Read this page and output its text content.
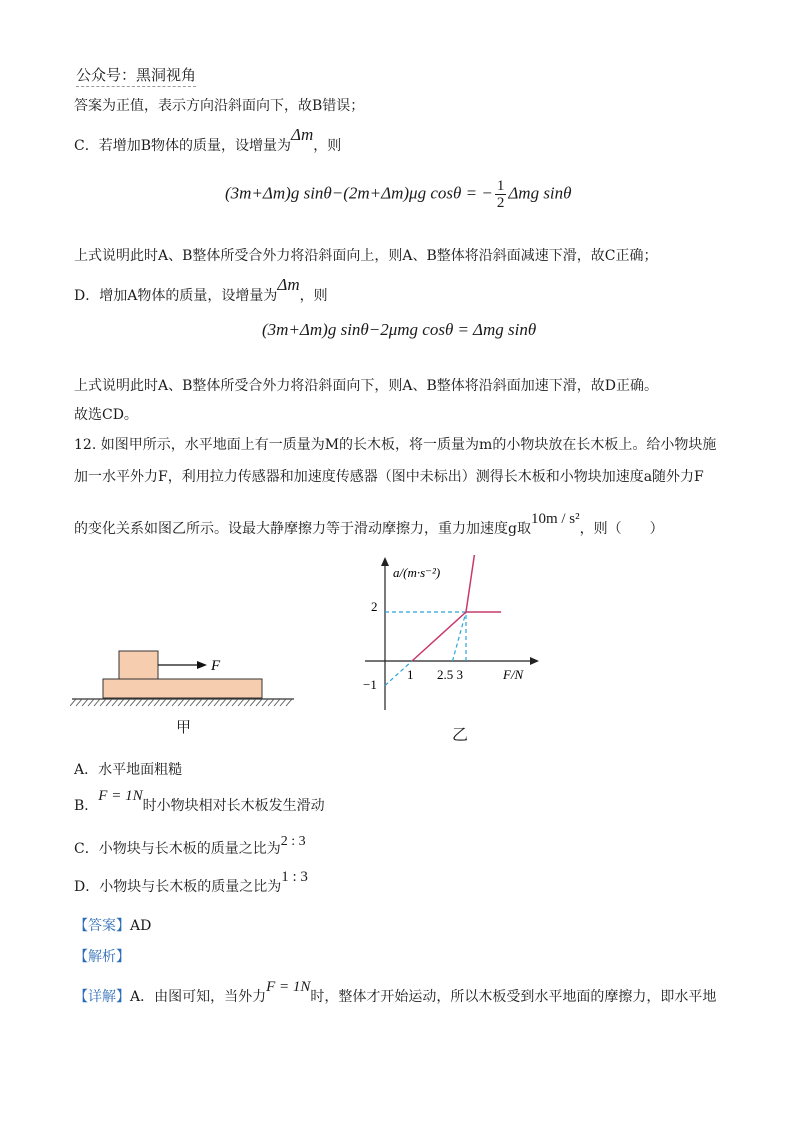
公众号：黑洞视角
答案为正值，表示方向沿斜面向下，故B错误；
C．若增加B物体的质量，设增量为Δm，则
(3m+Δm)g sinθ−(2m+Δm)μg cosθ = − $\frac{1}{2}$ Δmg sinθ
上式说明此时A、B整体所受合外力将沿斜面向上，则A、B整体将沿斜面减速下滑，故C正确；
D．增加A物体的质量，设增量为Δm，则
(3m+Δm)g sinθ−2μmg cosθ = Δmg sinθ
上式说明此时A、B整体所受合外力将沿斜面向下，则A、B整体将沿斜面加速下滑，故D正确。
故选CD。
12. 如图甲所示，水平地面上有一质量为M的长木板，将一质量为m的小物块放在长木板上。给小物块施
加一水平外力F，利用拉力传感器和加速度传感器（图中未标出）测得长木板和小物块加速度a随外力F
的变化关系如图乙所示。设最大静摩擦力等于滑动摩擦力，重力加速度g取10m / s²，则（　　）
F
甲
a/(m·s⁻²)
F/N
2
−1
1 2.5 3
乙
A．水平地面粗糙
B．F = 1N时小物块相对长木板发生滑动
C．小物块与长木板的质量之比为2 : 3
D．小物块与长木板的质量之比为1 : 3
【答案】AD
【解析】
【详解】A．由图可知，当外力F = 1N时，整体才开始运动，所以木板受到水平地面的摩擦力，即水平地
